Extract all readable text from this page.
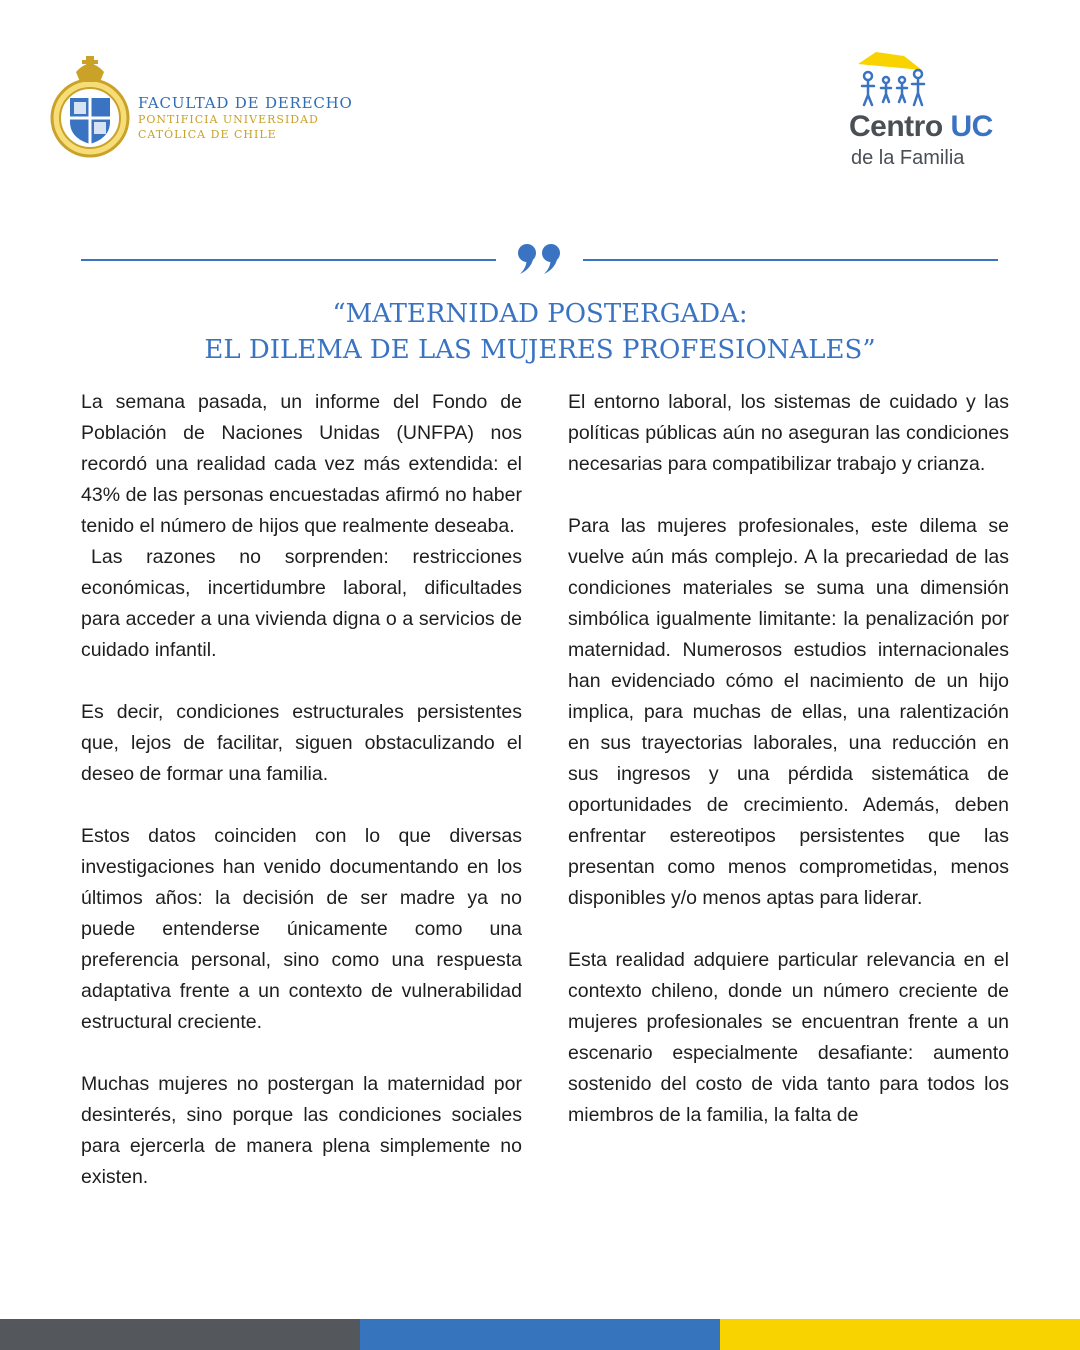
FACULTAD DE DERECHO

PONTIFICIA UNIVERSIDAD

CATÓLICA DE CHILE	Centro UC
de la Familia

“MATERNIDAD POSTERGADA:

EL DILEMA DE LAS MUJERES PROFESIONALES”

La semana pasada, un informe del Fondo de Población de Naciones Unidas (UNFPA) nos recordó una realidad cada vez más extendida: el 43% de las personas encuestadas afirmó no haber tenido el número de hijos que realmente deseaba.

Las razones no sorprenden: restricciones económicas, incertidumbre laboral, dificultades para acceder a una vivienda digna o a servicios de cuidado infantil.

Es decir, condiciones estructurales persistentes que, lejos de facilitar, siguen obstaculizando el deseo de formar una familia.

Estos datos coinciden con lo que diversas investigaciones han venido documentando en los últimos años: la decisión de ser madre ya no puede entenderse únicamente como una preferencia personal, sino como una respuesta adaptativa frente a un contexto de vulnerabilidad estructural creciente.

Muchas mujeres no postergan la maternidad por desinterés, sino porque las condiciones sociales para ejercerla de manera plena simplemente no existen.

El entorno laboral, los sistemas de cuidado y las políticas públicas aún no aseguran las condiciones necesarias para compatibilizar trabajo y crianza.

Para las mujeres profesionales, este dilema se vuelve aún más complejo. A la precariedad de las condiciones materiales se suma una dimensión simbólica igualmente limitante: la penalización por maternidad. Numerosos estudios internacionales han evidenciado cómo el nacimiento de un hijo implica, para muchas de ellas, una ralentización en sus trayectorias laborales, una reducción en sus ingresos y una pérdida sistemática de oportunidades de crecimiento. Además, deben enfrentar estereotipos persistentes que las presentan como menos comprometidas, menos disponibles y/o menos aptas para liderar.

Esta realidad adquiere particular relevancia en el contexto chileno, donde un número creciente de mujeres profesionales se encuentran frente a un escenario especialmente desafiante: aumento sostenido del costo de vida tanto para todos los miembros de la familia, la falta de
